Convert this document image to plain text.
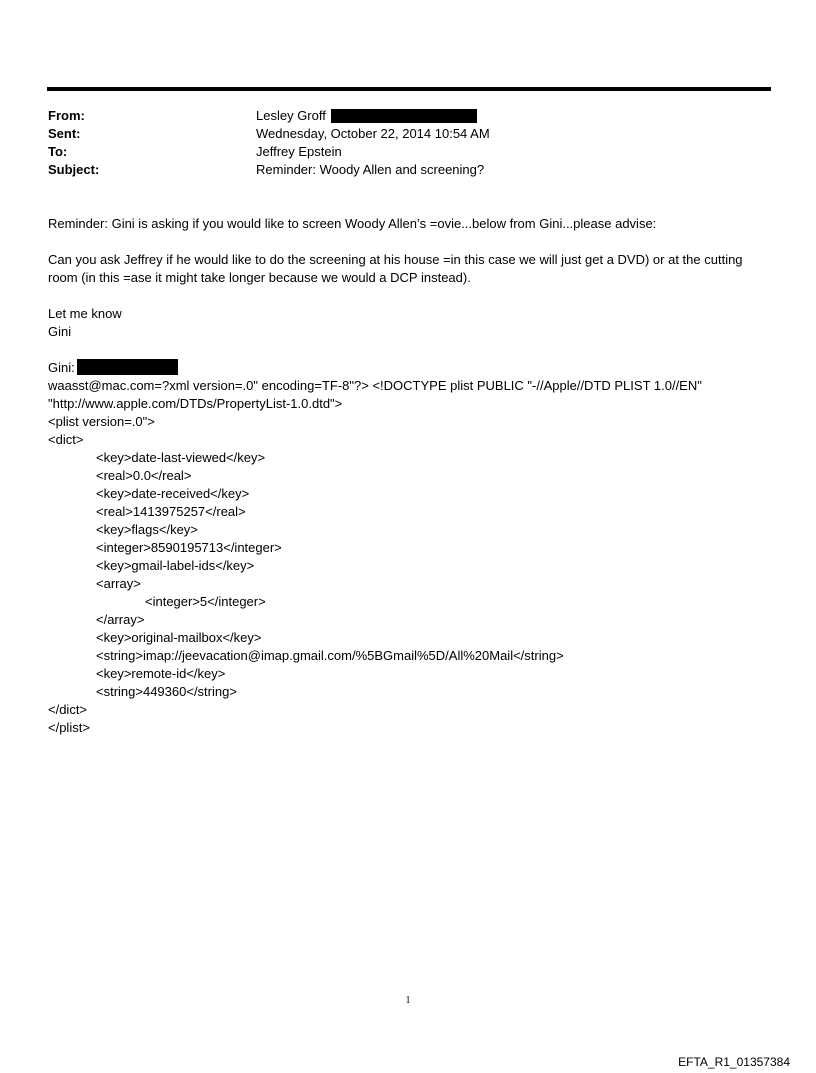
From:	Lesley Groff
Sent:	Wednesday, October 22, 2014 10:54 AM
To:	Jeffrey Epstein
Subject:	Reminder: Woody Allen and screening?
Reminder: Gini is asking if you would like to screen Woody Allen’s =ovie...below from Gini...please advise:
Can you ask Jeffrey if he would like to do the screening at his house =in this case we will just get a DVD) or at the cutting
room (in this =ase it might take longer because we would a DCP instead).
Let me know
Gini
Gini:
waasst@mac.com=?xml version=.0" encoding=TF-8"?> <!DOCTYPE plist PUBLIC "-//Apple//DTD PLIST 1.0//EN"
"http://www.apple.com/DTDs/PropertyList-1.0.dtd">
<plist version=.0">
<dict>
<key>date-last-viewed</key>
<real>0.0</real>
<key>date-received</key>
<real>1413975257</real>
<key>flags</key>
<integer>8590195713</integer>
<key>gmail-label-ids</key>
<array>
<integer>5</integer>
</array>
<key>original-mailbox</key>
<string>imap://jeevacation@imap.gmail.com/%5BGmail%5D/All%20Mail</string>
<key>remote-id</key>
<string>449360</string>
</dict>
</plist>
1
EFTA_R1_01357384
